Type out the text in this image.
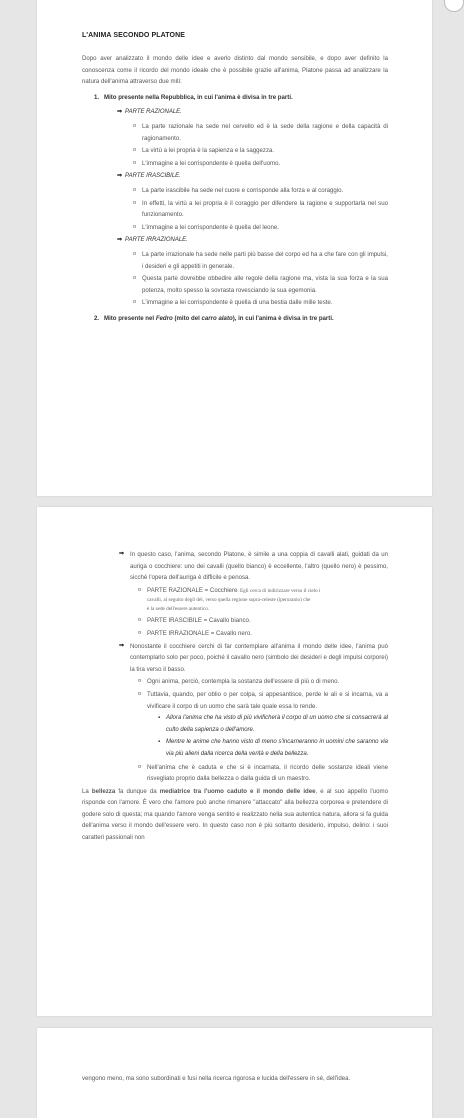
L'ANIMA SECONDO PLATONE

Dopo aver analizzato il mondo delle idee e averlo distinto dal mondo sensibile, e dopo aver definito la conoscenza come il ricordo del mondo ideale che è possibile grazie all'anima, Platone passa ad analizzare la natura dell'anima attraverso due miti:

1. Mito presente nella Repubblica, in cui l'anima è divisa in tre parti.
⇒ PARTE RAZIONALE.
o La parte razionale ha sede nel cervello ed è la sede della ragione e della capacità di ragionamento.
o La virtù a lei propria è la sapienza e la saggezza.
o L'immagine a lei corrispondente è quella dell'uomo.
⇒ PARTE IRASCIBILE.
o La parte irascibile ha sede nel cuore e corrisponde alla forza e al coraggio.
o In effetti, la virtù a lei propria è il coraggio per difendere la ragione e supportarla nel suo funzionamento.
o L'immagine a lei corrispondente è quella del leone.
⇒ PARTE IRRAZIONALE.
o La parte irrazionale ha sede nelle parti più basse del corpo ed ha a che fare con gli impulsi, i desideri e gli appetiti in generale.
o Questa parte dovrebbe obbedire alle regole della ragione ma, vista la sua forza e la sua potenza, molto spesso la sovrasta rovesciando la sua egemonia.
o L'immagine a lei corrispondente è quella di una bestia dalle mille teste.
2. Mito presente nel Fedro (mito del carro alato), in cui l'anima è divisa in tre parti.

⇒ In questo caso, l'anima, secondo Platone, è simile a una coppia di cavalli alati, guidati da un auriga o cocchiere: uno dei cavalli (quello bianco) è eccellente, l'altro (quello nero) è pessimo, sicché l'opera dell'auriga è difficile e penosa.

o PARTE RAZIONALE = Cocchiere. Egli cerca di indirizzare verso il cielo i
cavalli, al seguito degli dèi, verso quella regione sopra-celeste (iperuranio) che
è la sede dell'essere autentico.
o PARTE IRASCIBILE = Cavallo bianco.
o PARTE IRRAZIONALE = Cavallo nero.

⇒ Nonostante il cocchiere cerchi di far contemplare all'anima il mondo delle idee, l'anima può contemplarlo solo per poco, poiché il cavallo nero (simbolo dei desideri e degli impulsi corporei) la tira verso il basso.

o Ogni anima, perciò, contempla la sostanza dell'essere di più o di meno.
o Tuttavia, quando, per oblio o per colpa, si appesantisce, perde le ali e si incarna, va a vivificare il corpo di un uomo che sarà tale quale essa lo rende.
▪ Allora l'anima che ha visto di più vivificherà il corpo di un uomo che si consacrerà al culto della sapienza o dell'amore.
▪ Mentre le anime che hanno visto di meno s'incarneranno in uomini che saranno via via più alieni dalla ricerca della verità e della bellezza.
o Nell'anima che è caduta e che si è incarnata, il ricordo delle sostanze ideali viene risvegliato proprio dalla bellezza o dalla guida di un maestro.

La bellezza fa dunque da mediatrice tra l'uomo caduto e il mondo delle idee, e al suo appello l'uomo risponde con l'amore. È vero che l'amore può anche rimanere "attaccato" alla bellezza corporea e pretendere di godere solo di questa; ma quando l'amore venga sentito e realizzato nella sua autentica natura, allora si fa guida dell'anima verso il mondo dell'essere vero. In questo caso non è più soltanto desiderio, impulso, delirio: i suoi caratteri passionali non

vengono meno, ma sono subordinati e fusi nella ricerca rigorosa e lucida dell'essere in sé, dell'idea.
